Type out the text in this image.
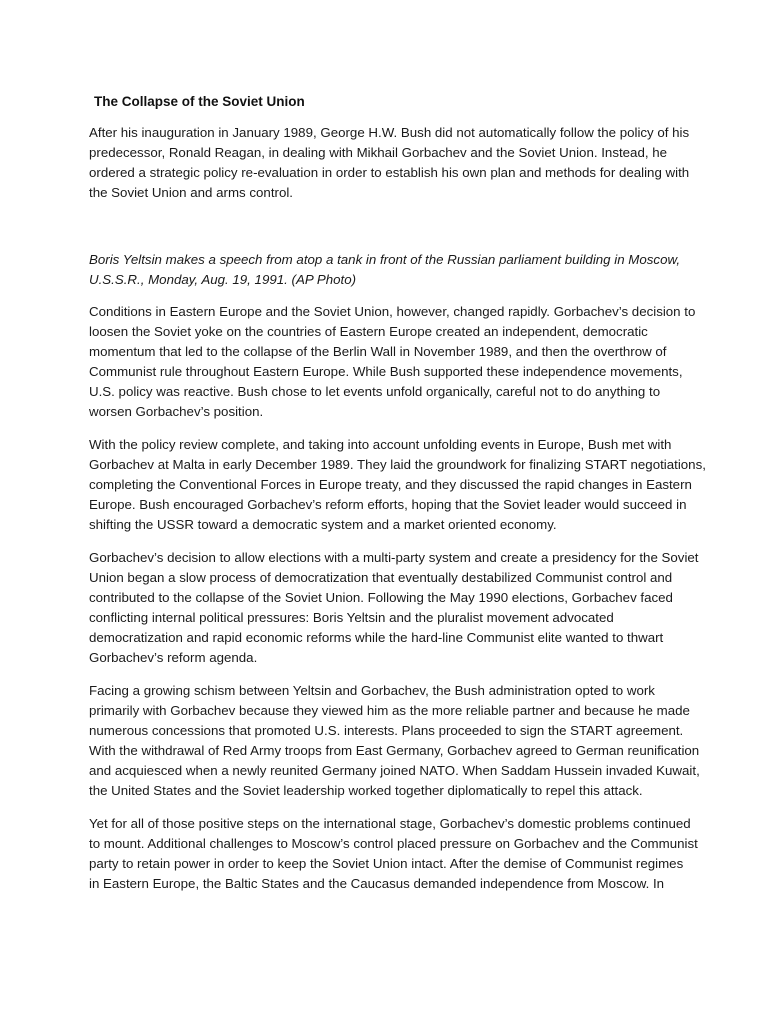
The Collapse of the Soviet Union

After his inauguration in January 1989, George H.W. Bush did not automatically follow the policy of his
predecessor, Ronald Reagan, in dealing with Mikhail Gorbachev and the Soviet Union. Instead, he
ordered a strategic policy re-evaluation in order to establish his own plan and methods for dealing with
the Soviet Union and arms control.

Boris Yeltsin makes a speech from atop a tank in front of the Russian parliament building in Moscow,
U.S.S.R., Monday, Aug. 19, 1991. (AP Photo)

Conditions in Eastern Europe and the Soviet Union, however, changed rapidly. Gorbachev’s decision to
loosen the Soviet yoke on the countries of Eastern Europe created an independent, democratic
momentum that led to the collapse of the Berlin Wall in November 1989, and then the overthrow of
Communist rule throughout Eastern Europe. While Bush supported these independence movements,
U.S. policy was reactive. Bush chose to let events unfold organically, careful not to do anything to
worsen Gorbachev’s position.

With the policy review complete, and taking into account unfolding events in Europe, Bush met with
Gorbachev at Malta in early December 1989. They laid the groundwork for finalizing START negotiations,
completing the Conventional Forces in Europe treaty, and they discussed the rapid changes in Eastern
Europe. Bush encouraged Gorbachev’s reform efforts, hoping that the Soviet leader would succeed in
shifting the USSR toward a democratic system and a market oriented economy.

Gorbachev’s decision to allow elections with a multi-party system and create a presidency for the Soviet
Union began a slow process of democratization that eventually destabilized Communist control and
contributed to the collapse of the Soviet Union. Following the May 1990 elections, Gorbachev faced
conflicting internal political pressures: Boris Yeltsin and the pluralist movement advocated
democratization and rapid economic reforms while the hard-line Communist elite wanted to thwart
Gorbachev’s reform agenda.

Facing a growing schism between Yeltsin and Gorbachev, the Bush administration opted to work
primarily with Gorbachev because they viewed him as the more reliable partner and because he made
numerous concessions that promoted U.S. interests. Plans proceeded to sign the START agreement.
With the withdrawal of Red Army troops from East Germany, Gorbachev agreed to German reunification
and acquiesced when a newly reunited Germany joined NATO. When Saddam Hussein invaded Kuwait,
the United States and the Soviet leadership worked together diplomatically to repel this attack.

Yet for all of those positive steps on the international stage, Gorbachev’s domestic problems continued
to mount. Additional challenges to Moscow’s control placed pressure on Gorbachev and the Communist
party to retain power in order to keep the Soviet Union intact. After the demise of Communist regimes
in Eastern Europe, the Baltic States and the Caucasus demanded independence from Moscow. In
